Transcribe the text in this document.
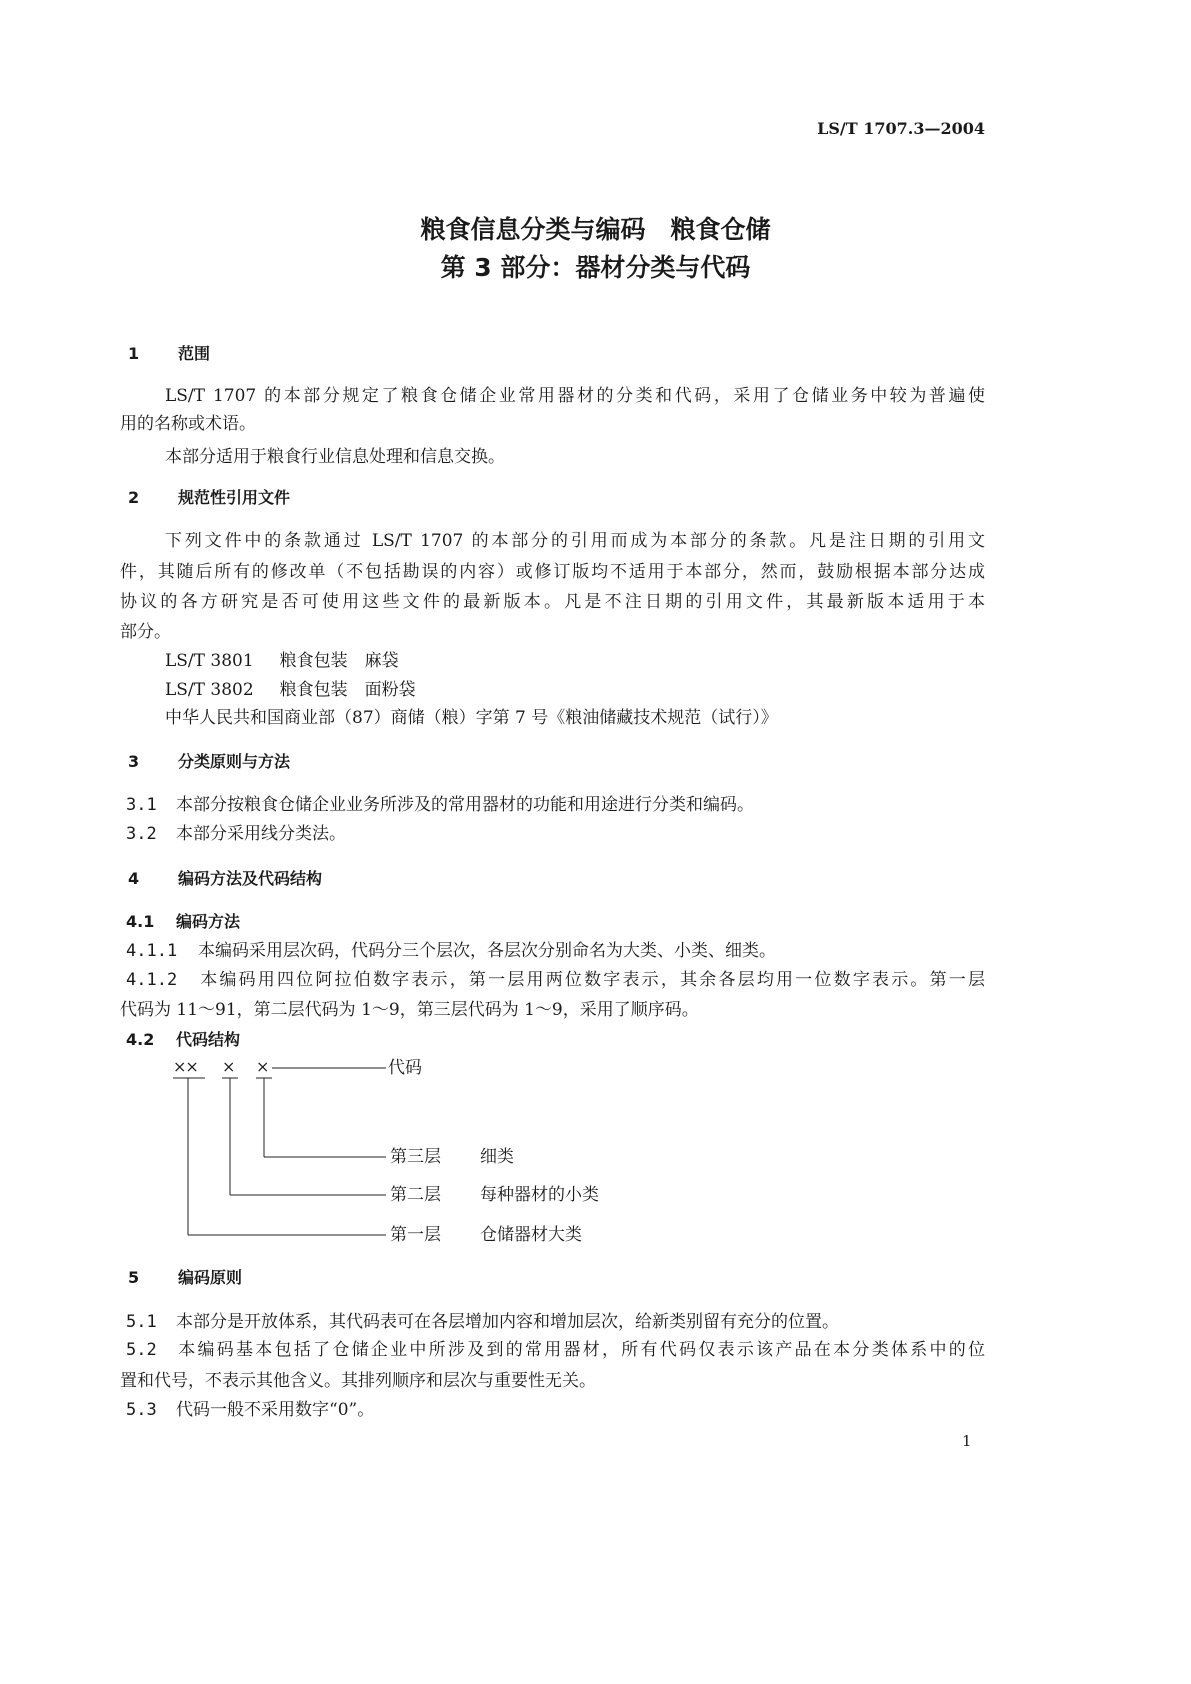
LS/T 1707.3—2004
粮食信息分类与编码　粮食仓储
第 3 部分：器材分类与代码
1 范围
LS/T 1707 的本部分规定了粮食仓储企业常用器材的分类和代码，采用了仓储业务中较为普遍使
用的名称或术语。
本部分适用于粮食行业信息处理和信息交换。
2 规范性引用文件
下列文件中的条款通过 LS/T 1707 的本部分的引用而成为本部分的条款。凡是注日期的引用文
件，其随后所有的修改单（不包括勘误的内容）或修订版均不适用于本部分，然而，鼓励根据本部分达成
协议的各方研究是否可使用这些文件的最新版本。凡是不注日期的引用文件，其最新版本适用于本
部分。
LS/T 3801 粮食包装　麻袋
LS/T 3802 粮食包装　面粉袋
中华人民共和国商业部（87）商储（粮）字第 7 号《粮油储藏技术规范（试行）》
3 分类原则与方法
3.1 本部分按粮食仓储企业业务所涉及的常用器材的功能和用途进行分类和编码。
3.2 本部分采用线分类法。
4 编码方法及代码结构
4.1 编码方法
4.1.1 本编码采用层次码，代码分三个层次，各层次分别命名为大类、小类、细类。
4.1.2 本编码用四位阿拉伯数字表示，第一层用两位数字表示，其余各层均用一位数字表示。第一层
代码为 11～91，第二层代码为 1～9，第三层代码为 1～9，采用了顺序码。
4.2 代码结构
×× × ×	代码
第三层 细类
第二层 每种器材的小类
第一层 仓储器材大类
5 编码原则
5.1 本部分是开放体系，其代码表可在各层增加内容和增加层次，给新类别留有充分的位置。
5.2 本编码基本包括了仓储企业中所涉及到的常用器材，所有代码仅表示该产品在本分类体系中的位
置和代号，不表示其他含义。其排列顺序和层次与重要性无关。
5.3 代码一般不采用数字“0”。
1
